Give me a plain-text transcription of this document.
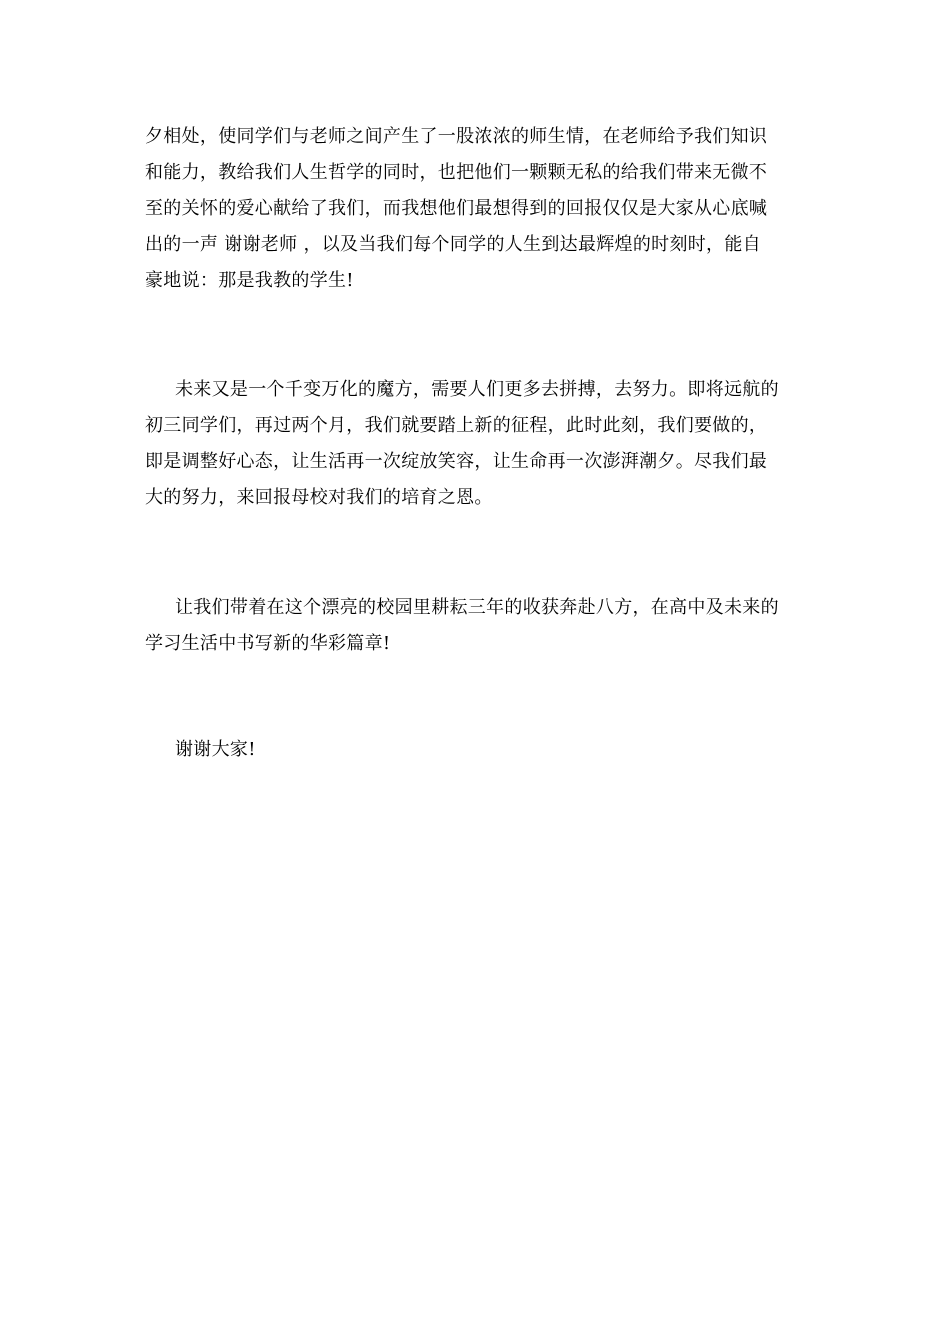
夕相处，使同学们与老师之间产生了一股浓浓的师生情，在老师给予我们知识
和能力，教给我们人生哲学的同时，也把他们一颗颗无私的给我们带来无微不
至的关怀的爱心献给了我们，而我想他们最想得到的回报仅仅是大家从心底喊
出的一声 谢谢老师 ，以及当我们每个同学的人生到达最辉煌的时刻时，能自
豪地说：那是我教的学生!
未来又是一个千变万化的魔方，需要人们更多去拼搏，去努力。即将远航的
初三同学们，再过两个月，我们就要踏上新的征程，此时此刻，我们要做的，
即是调整好心态，让生活再一次绽放笑容，让生命再一次澎湃潮夕。尽我们最
大的努力，来回报母校对我们的培育之恩。
让我们带着在这个漂亮的校园里耕耘三年的收获奔赴八方，在高中及未来的
学习生活中书写新的华彩篇章!
谢谢大家!
